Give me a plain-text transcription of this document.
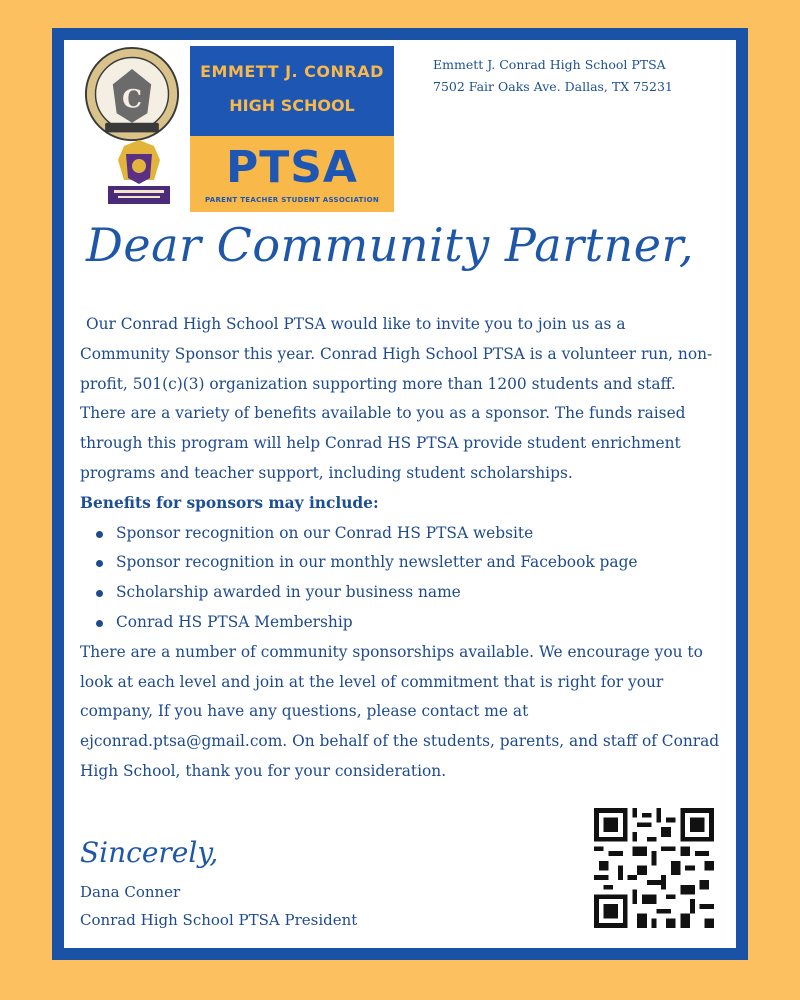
C
EMMETT J. CONRAD
HIGH SCHOOL
PTSA
PARENT TEACHER STUDENT ASSOCIATION
Emmett J. Conrad High School PTSA
7502 Fair Oaks Ave. Dallas, TX 75231
Dear Community Partner,

Our Conrad High School PTSA would like to invite you to join us as a Community Sponsor this year. Conrad High School PTSA is a volunteer run, non-profit, 501(c)(3) organization supporting more than 1200 students and staff.

There are a variety of benefits available to you as a sponsor. The funds raised through this program will help Conrad HS PTSA provide student enrichment programs and teacher support, including student scholarships.

Benefits for sponsors may include:

Sponsor recognition on our Conrad HS PTSA website
Sponsor recognition in our monthly newsletter and Facebook page
Scholarship awarded in your business name
Conrad HS PTSA Membership

There are a number of community sponsorships available. We encourage you to look at each level and join at the level of commitment that is right for your company, If you have any questions, please contact me at ejconrad.ptsa@gmail.com. On behalf of the students, parents, and staff of Conrad High School, thank you for your consideration.

Sincerely,
Dana Conner
Conrad High School PTSA President
